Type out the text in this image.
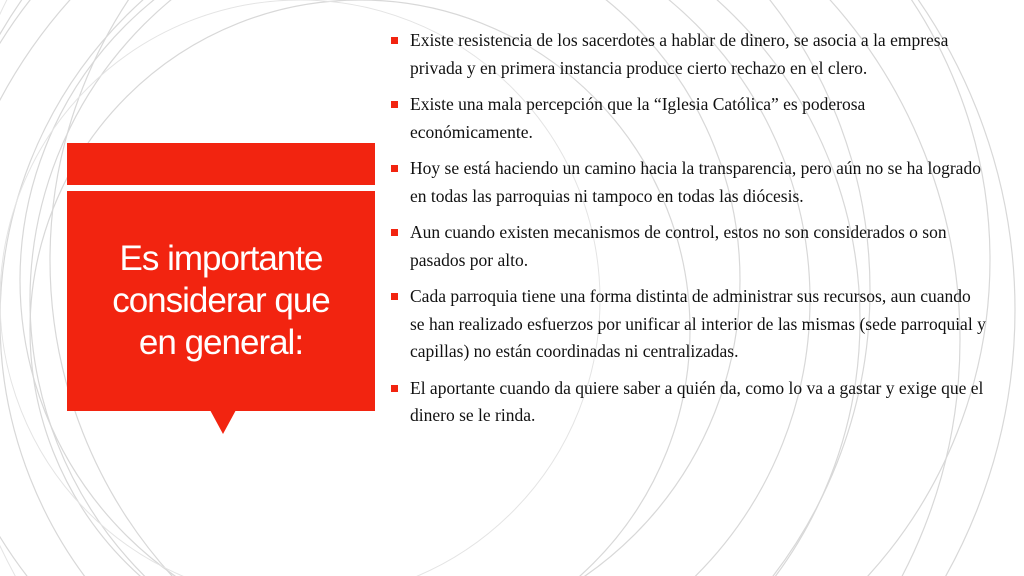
Es importante
considerar que
en general:
Existe resistencia de los sacerdotes a hablar de dinero, se asocia a la empresa privada y en primera instancia produce cierto rechazo en el clero.
Existe una mala percepción que la “Iglesia Católica” es poderosa económicamente.
Hoy se está haciendo un camino hacia la transparencia, pero aún no se ha logrado en todas las parroquias ni tampoco en todas las diócesis.
Aun cuando existen mecanismos de control, estos no son considerados o son pasados por alto.
Cada parroquia tiene una forma distinta de administrar sus recursos, aun cuando se han realizado esfuerzos por unificar al interior de las mismas (sede parroquial y capillas) no están coordinadas ni centralizadas.
El aportante cuando da quiere saber a quién da, como lo va a gastar y exige que el dinero se le rinda.
